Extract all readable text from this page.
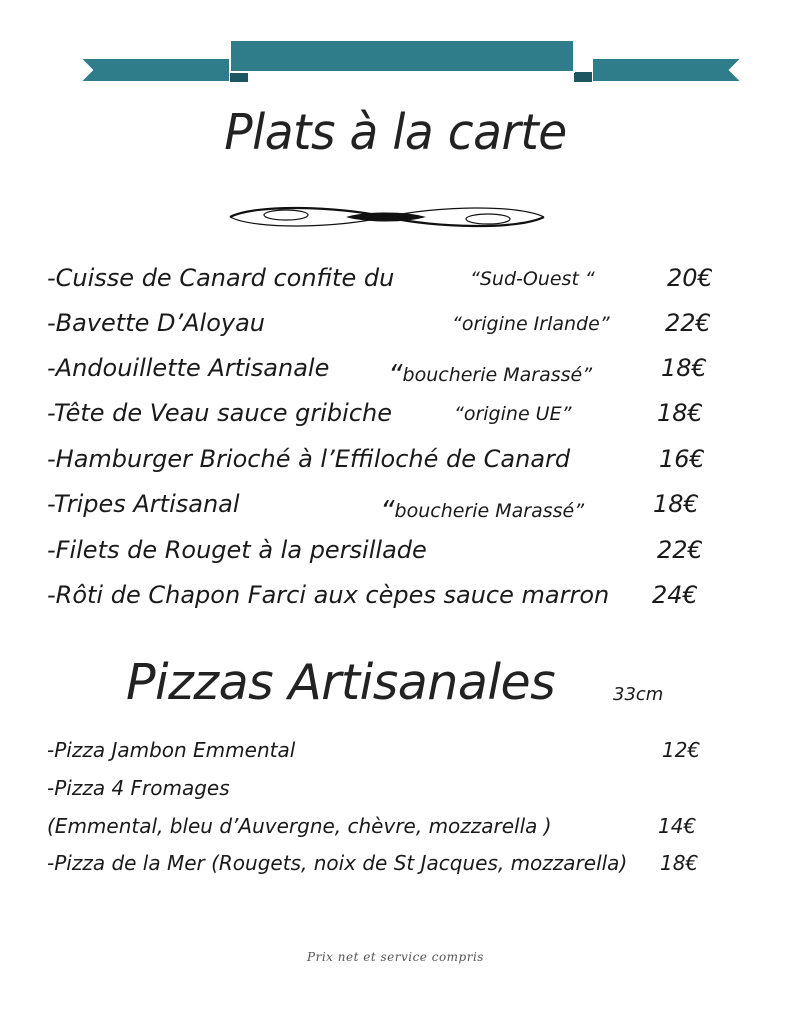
Plats à la carte
-Cuisse de Canard confite du	“Sud-Ouest “	20€
-Bavette D’Aloyau	“origine Irlande” 22€
-Andouillette Artisanale “boucherie Marassé”	18€
-Tête de Veau sauce gribiche	“origine UE”	18€
-Hamburger Brioché à l’Effiloché de Canard	16€
-Tripes Artisanal	“boucherie Marassé”	18€
-Filets de Rouget à la persillade	22€
-Rôti de Chapon Farci aux cèpes sauce marron 24€
Pizzas Artisanales	33cm
-Pizza Jambon Emmental	12€
-Pizza 4 Fromages
(Emmental, bleu d’Auvergne, chèvre, mozzarella )	14€
-Pizza de la Mer (Rougets, noix de St Jacques, mozzarella) 18€
Prix net et service compris
